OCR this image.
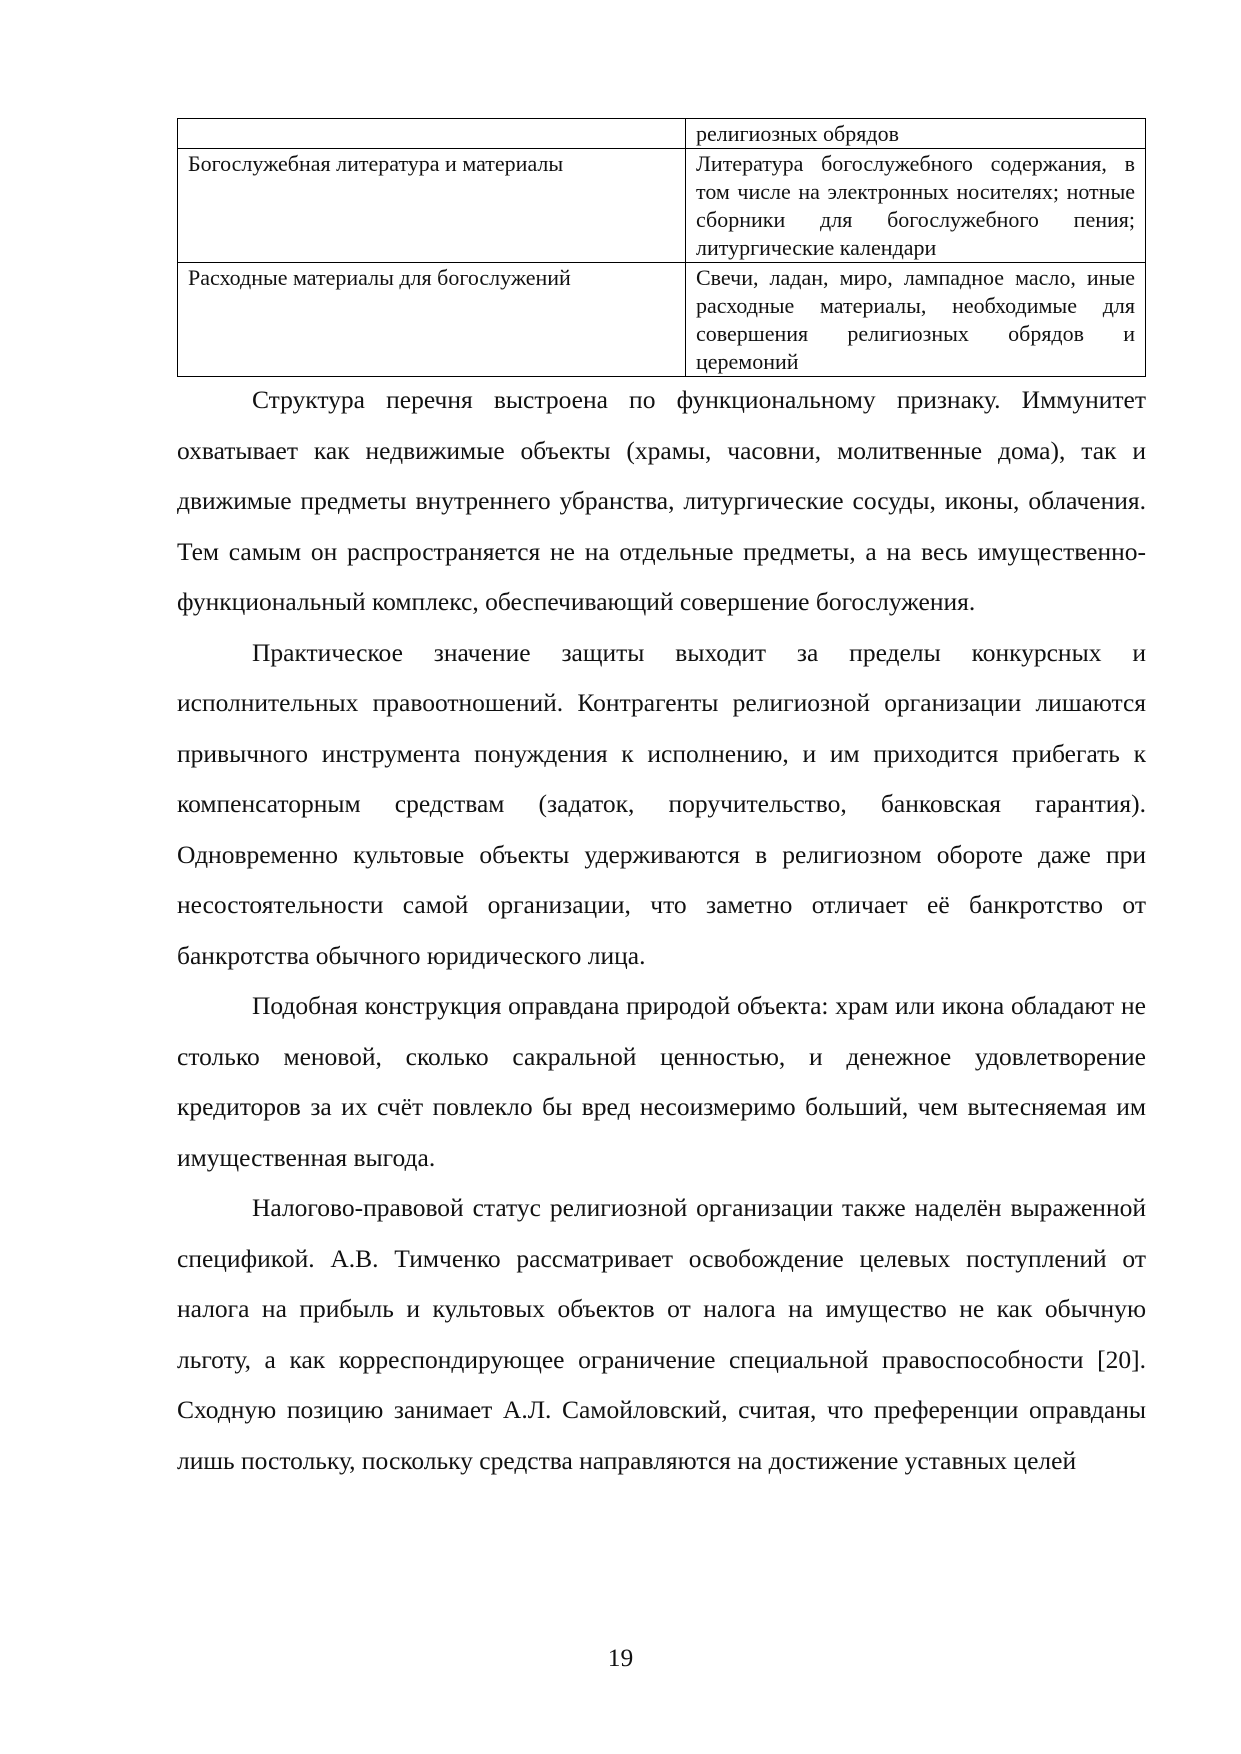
	религиозных обрядов
Богослужебная литература и материалы	Литература богослужебного содержания, в том числе на электронных носителях; нотные сборники для богослужебного пения; литургические календари
Расходные материалы для богослужений	Свечи, ладан, миро, лампадное масло, иные расходные материалы, необходимые для совершения религиозных обрядов и церемоний

Структура перечня выстроена по функциональному признаку. Иммунитет охватывает как недвижимые объекты (храмы, часовни, молитвенные дома), так и движимые предметы внутреннего убранства, литургические сосуды, иконы, облачения. Тем самым он распространяется не на отдельные предметы, а на весь имущественно-функциональный комплекс, обеспечивающий совершение богослужения.

Практическое значение защиты выходит за пределы конкурсных и исполнительных правоотношений. Контрагенты религиозной организации лишаются привычного инструмента понуждения к исполнению, и им приходится прибегать к компенсаторным средствам (задаток, поручительство, банковская гарантия). Одновременно культовые объекты удерживаются в религиозном обороте даже при несостоятельности самой организации, что заметно отличает её банкротство от банкротства обычного юридического лица.

Подобная конструкция оправдана природой объекта: храм или икона обладают не столько меновой, сколько сакральной ценностью, и денежное удовлетворение кредиторов за их счёт повлекло бы вред несоизмеримо больший, чем вытесняемая им имущественная выгода.

Налогово-правовой статус религиозной организации также наделён выраженной спецификой. А.В. Тимченко рассматривает освобождение целевых поступлений от налога на прибыль и культовых объектов от налога на имущество не как обычную льготу, а как корреспондирующее ограничение специальной правоспособности [20]. Сходную позицию занимает А.Л. Самойловский, считая, что преференции оправданы лишь постольку, поскольку средства направляются на достижение уставных целей

19
